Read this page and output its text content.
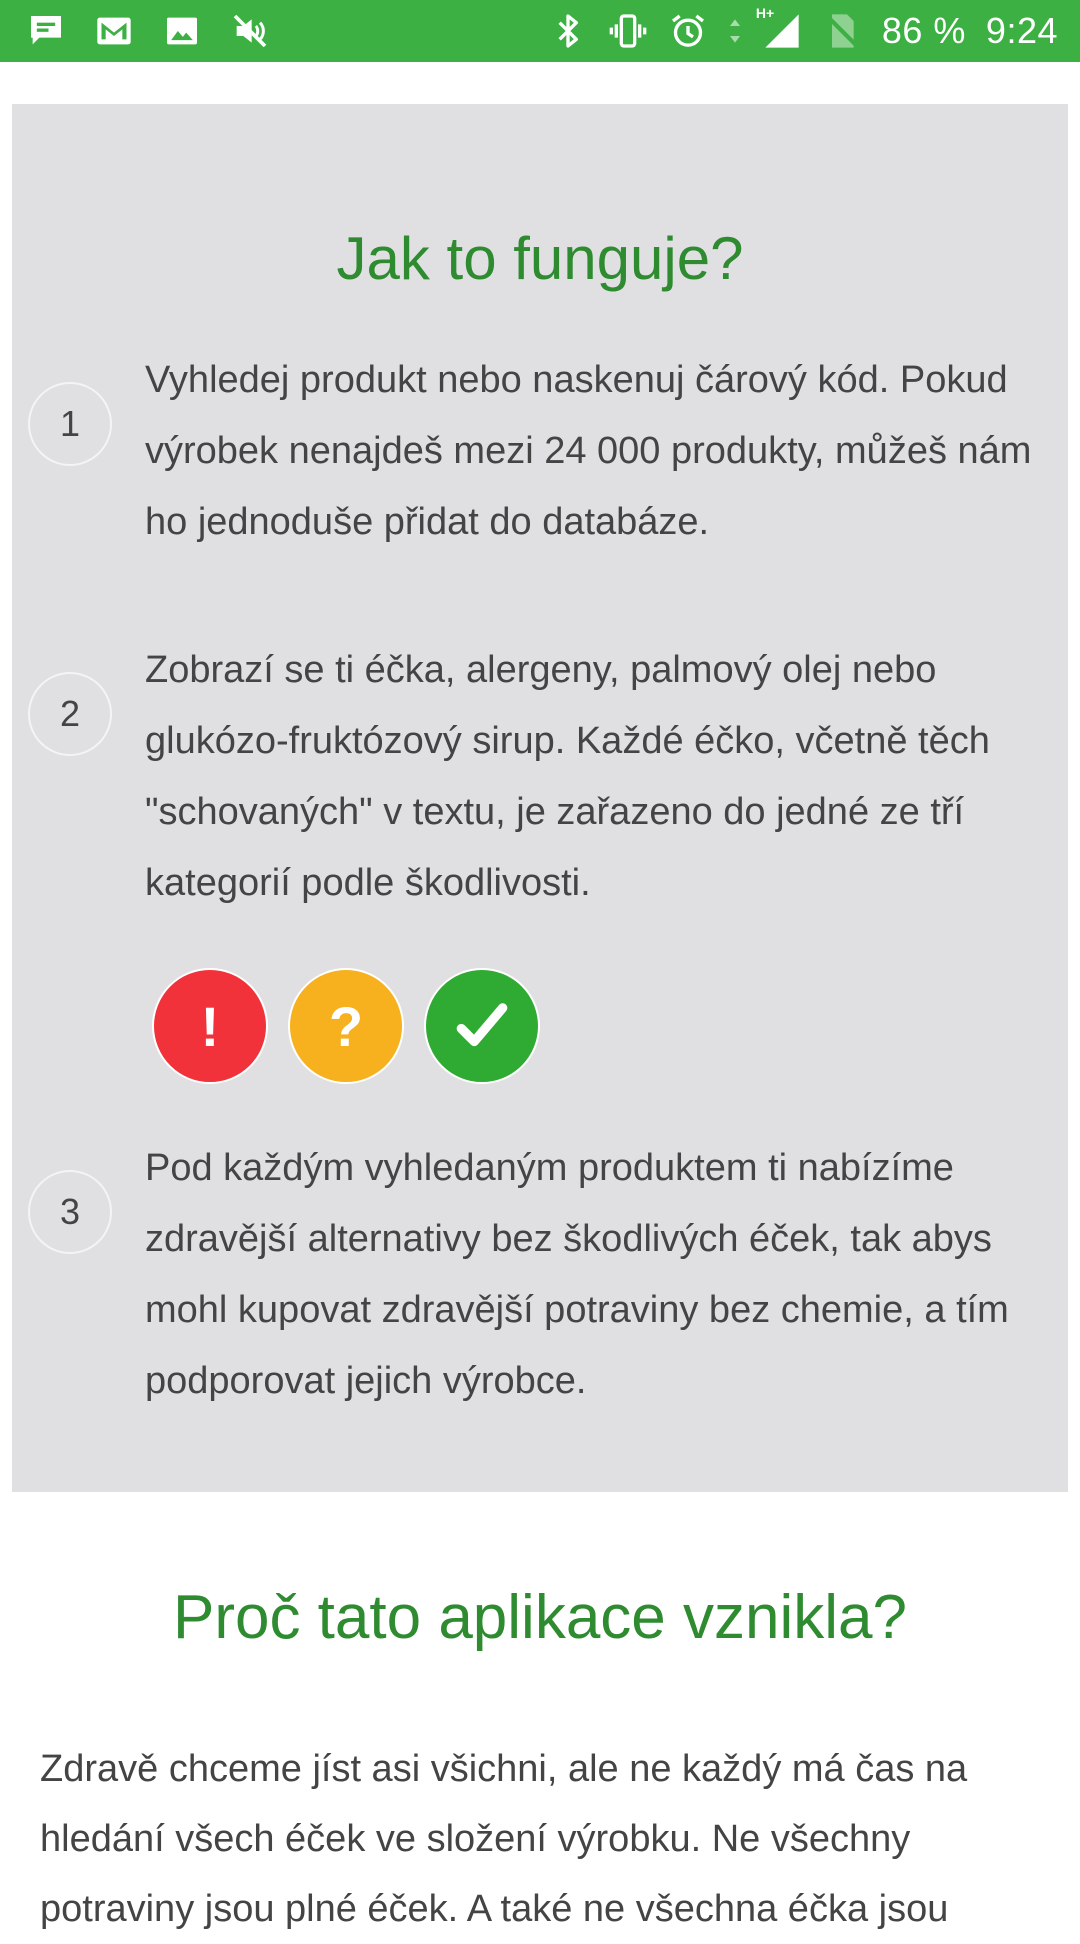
H+	86 % 9:24
Jak to funguje?
1

Vyhledej produkt nebo naskenuj čárový kód. Pokud výrobek nenajdeš mezi 24 000 produkty, můžeš nám ho jednoduše přidat do databáze.

2

Zobrazí se ti éčka, alergeny, palmový olej nebo glukózo-fruktózový sirup. Každé éčko, včetně těch "schovaných" v textu, je zařazeno do jedné ze tří kategorií podle škodlivosti.

!	?
3

Pod každým vyhledaným produktem ti nabízíme zdravější alternativy bez škodlivých éček, tak abys mohl kupovat zdravější potraviny bez chemie, a tím podporovat jejich výrobce.

Proč tato aplikace vznikla?

Zdravě chceme jíst asi všichni, ale ne každý má čas na hledání všech éček ve složení výrobku. Ne všechny potraviny jsou plné éček. A také ne všechna éčka jsou
